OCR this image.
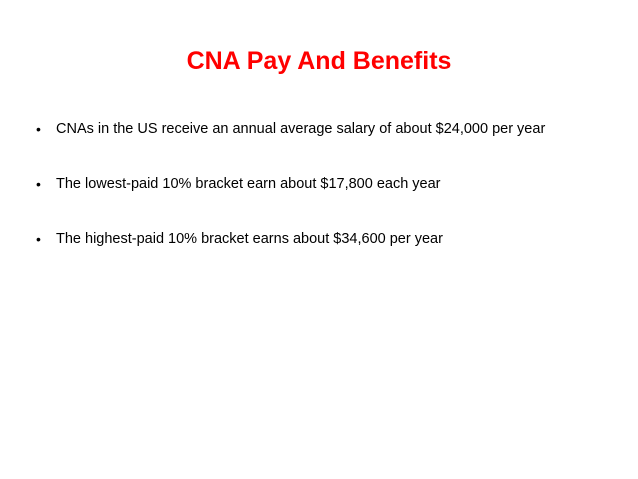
CNA Pay And Benefits
• CNAs in the US receive an annual average salary of about $24,000 per year
• The lowest-paid 10% bracket earn about $17,800 each year
• The highest-paid 10% bracket earns about $34,600 per year
